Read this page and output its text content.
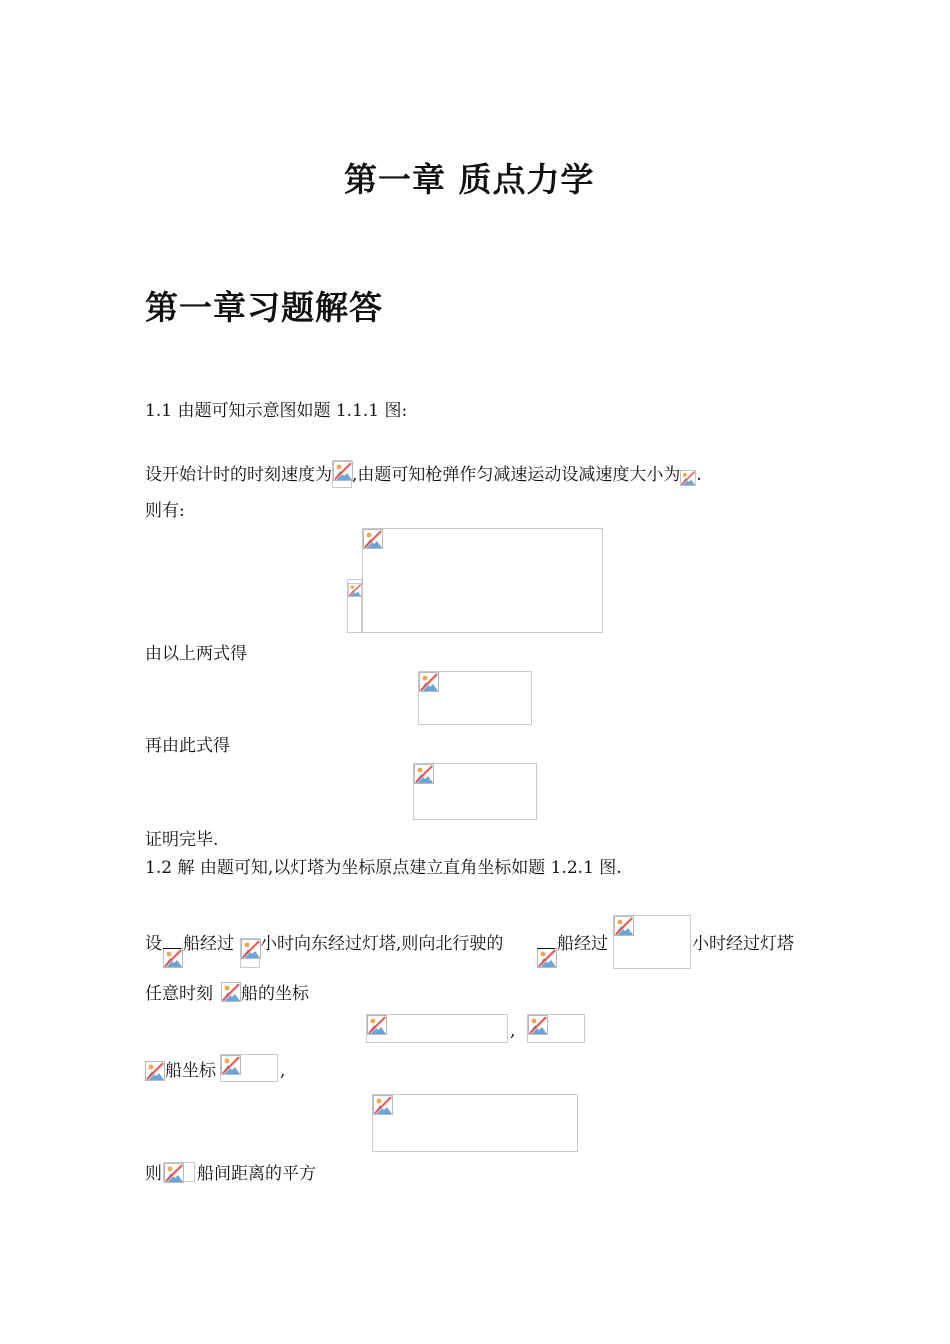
第一章 质点力学
第一章习题解答
1.1 由题可知示意图如题 1.1.1 图:
设开始计时的时刻速度为 ,由题可知枪弹作匀减速运动设减速度大小为 .
则有:
由以上两式得
再由此式得
证明完毕.
1.2 解 由题可知,以灯塔为坐标原点建立直角坐标如题 1.2.1 图.
设 船经过 小时向东经过灯塔,则向北行驶的	船经过	小时经过灯塔
任意时刻 船的坐标
,
船坐标	,
则 船间距离的平方
